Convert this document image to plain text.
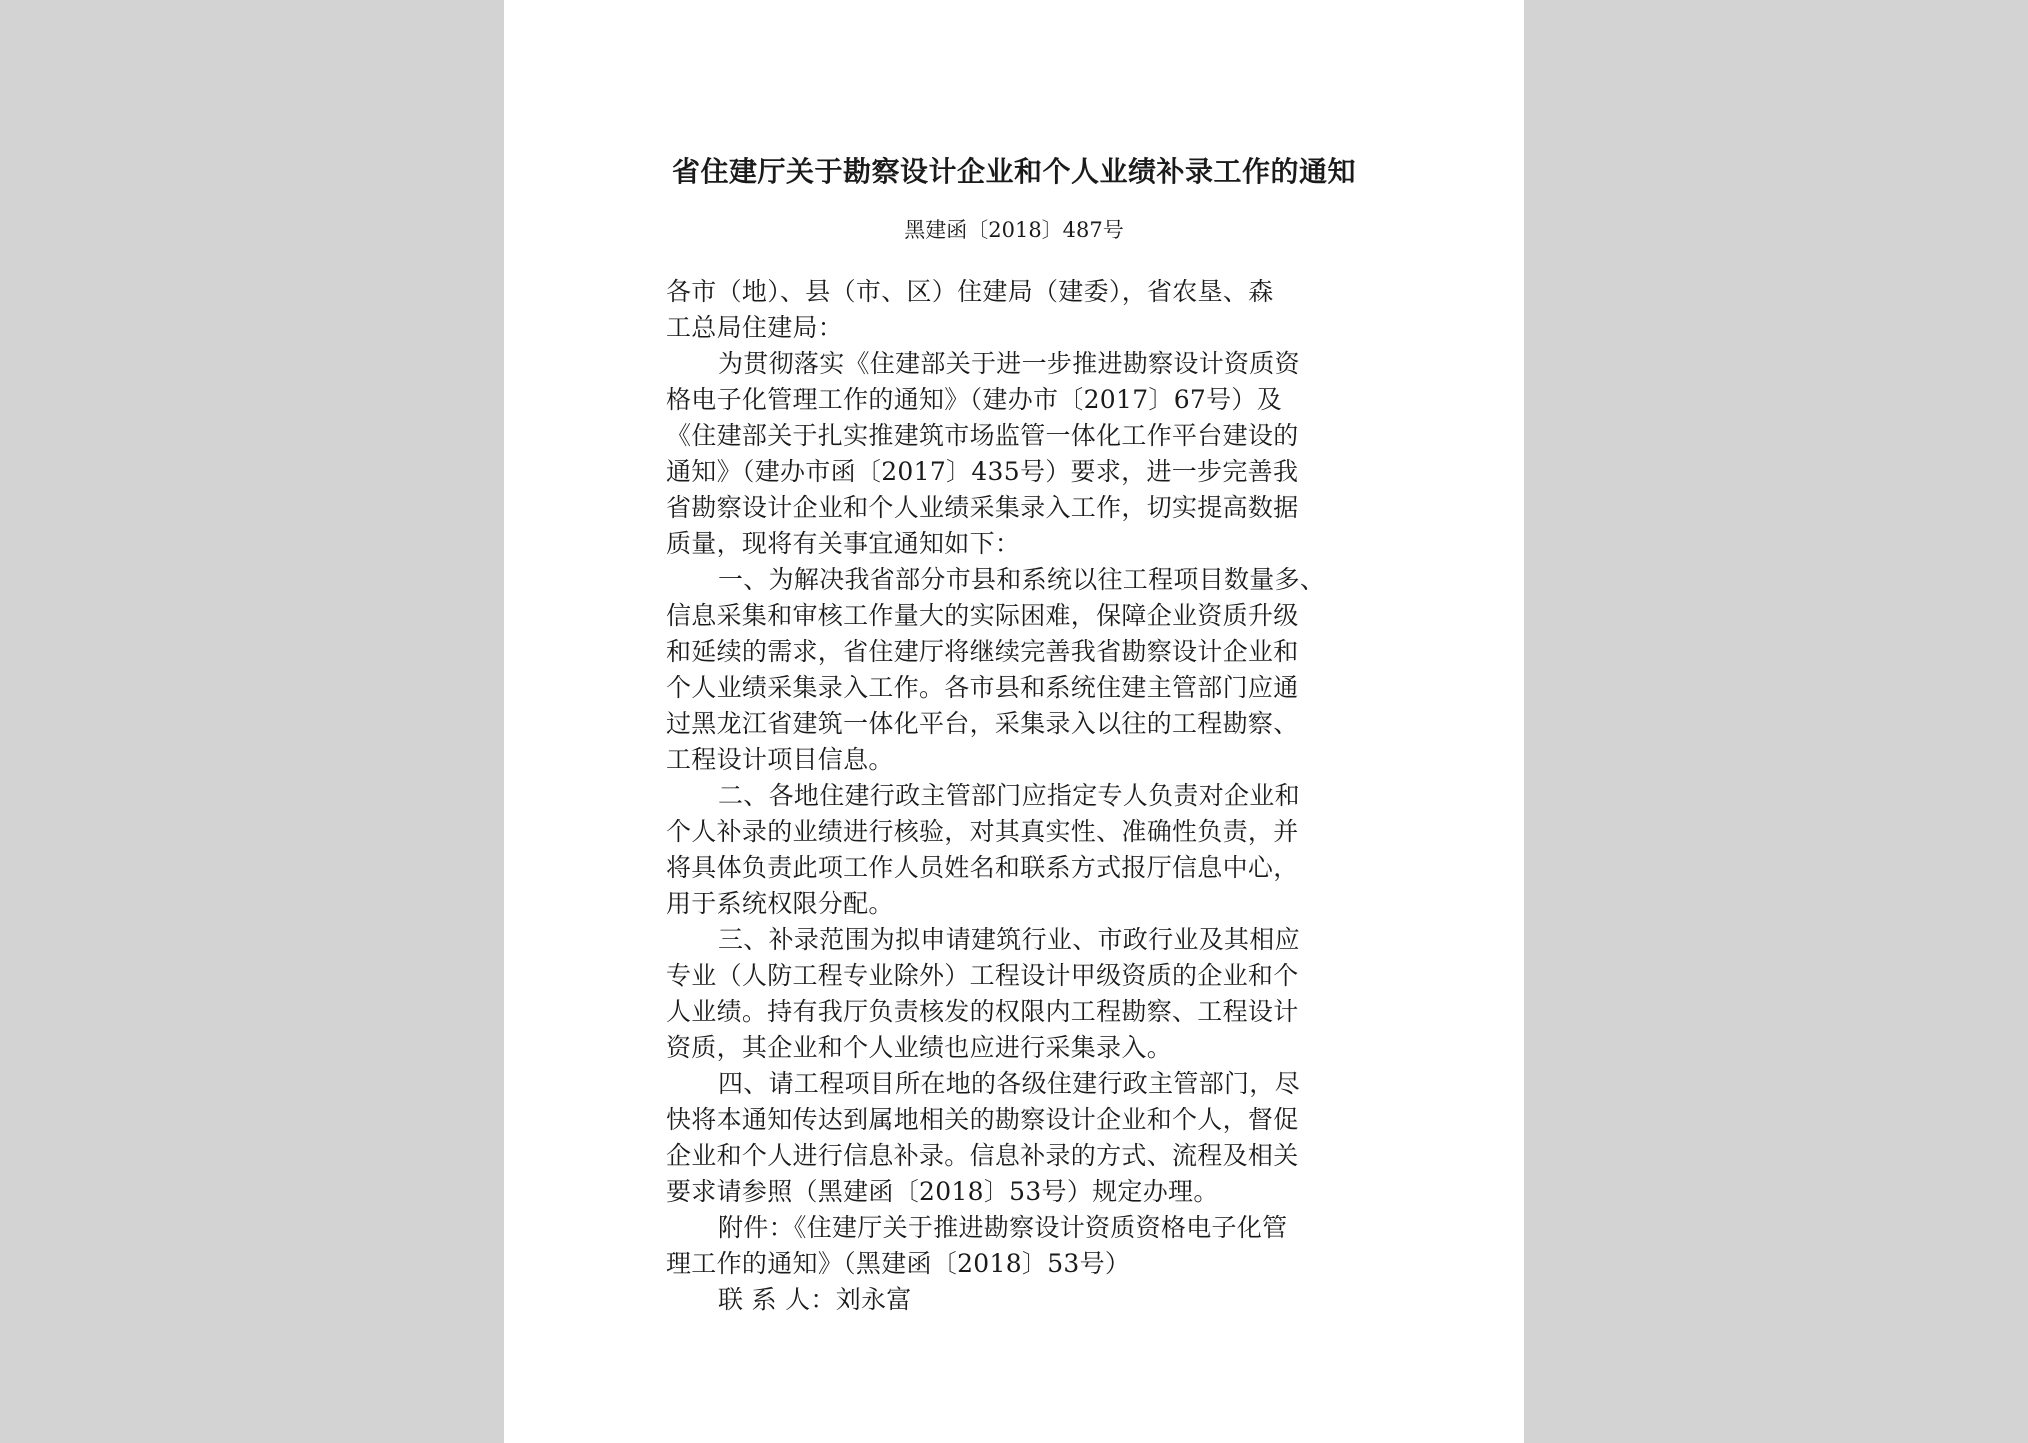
省住建厅关于勘察设计企业和个人业绩补录工作的通知
黑建函〔2018〕487号
各市（地）、县（市、区）住建局（建委），省农垦、森
工总局住建局：
为贯彻落实《住建部关于进一步推进勘察设计资质资
格电子化管理工作的通知》（建办市〔2017〕67号）及
《住建部关于扎实推建筑市场监管一体化工作平台建设的
通知》（建办市函〔2017〕435号）要求，进一步完善我
省勘察设计企业和个人业绩采集录入工作，切实提高数据
质量，现将有关事宜通知如下：
一、为解决我省部分市县和系统以往工程项目数量多、
信息采集和审核工作量大的实际困难，保障企业资质升级
和延续的需求，省住建厅将继续完善我省勘察设计企业和
个人业绩采集录入工作。各市县和系统住建主管部门应通
过黑龙江省建筑一体化平台，采集录入以往的工程勘察、
工程设计项目信息。
二、各地住建行政主管部门应指定专人负责对企业和
个人补录的业绩进行核验，对其真实性、准确性负责，并
将具体负责此项工作人员姓名和联系方式报厅信息中心，
用于系统权限分配。
三、补录范围为拟申请建筑行业、市政行业及其相应
专业（人防工程专业除外）工程设计甲级资质的企业和个
人业绩。持有我厅负责核发的权限内工程勘察、工程设计
资质，其企业和个人业绩也应进行采集录入。
四、请工程项目所在地的各级住建行政主管部门，尽
快将本通知传达到属地相关的勘察设计企业和个人，督促
企业和个人进行信息补录。信息补录的方式、流程及相关
要求请参照（黑建函〔2018〕53号）规定办理。
附件：《住建厅关于推进勘察设计资质资格电子化管
理工作的通知》（黑建函〔2018〕53号）
联 系 人：刘永富
